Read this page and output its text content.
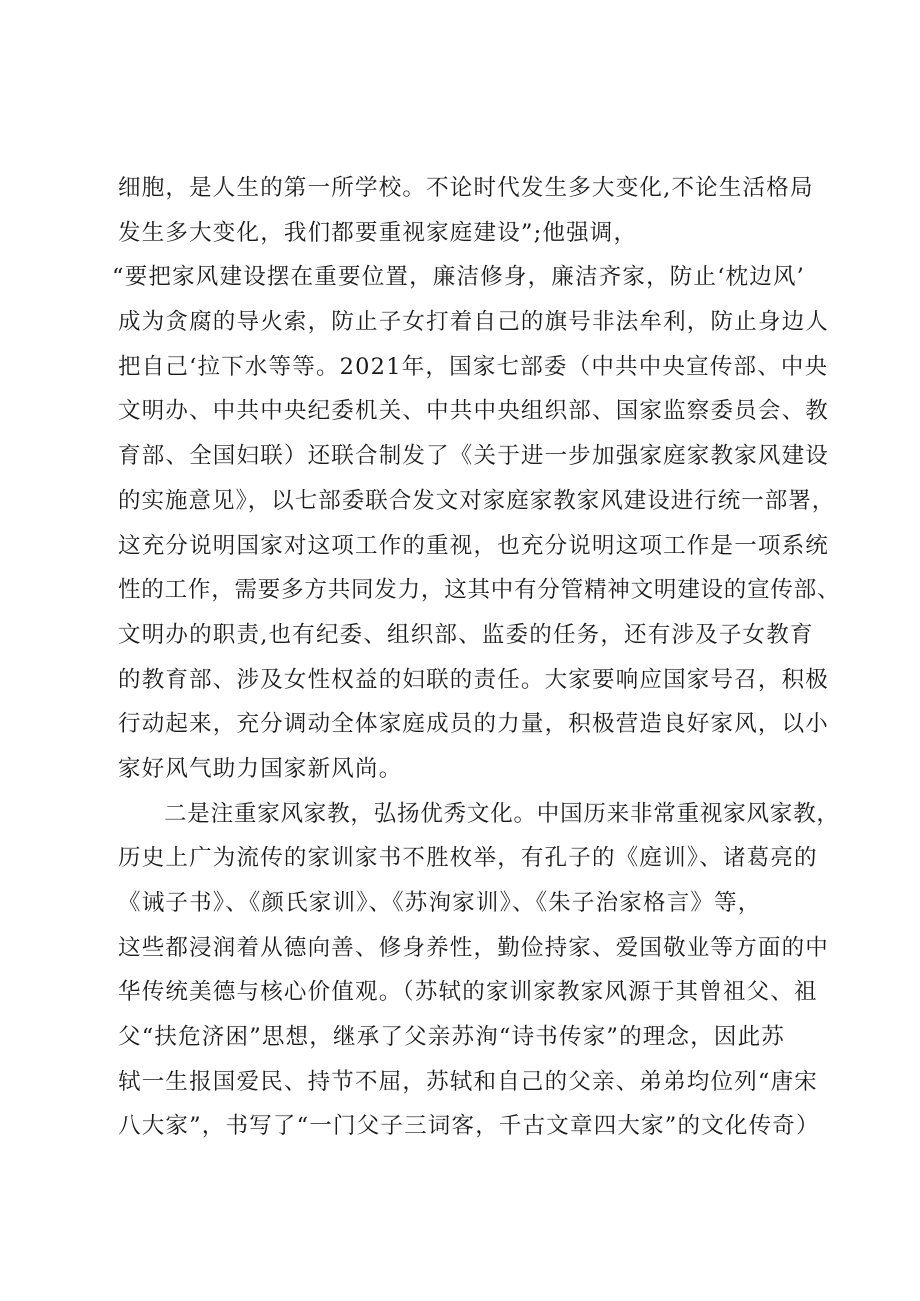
细胞，是人生的第一所学校。不论时代发生多大变化,不论生活格局
发生多大变化，我们都要重视家庭建设”;他强调，
“要把家风建设摆在重要位置，廉洁修身，廉洁齐家，防止‘枕边风’
成为贪腐的导火索，防止子女打着自己的旗号非法牟利，防止身边人
把自己‘拉下水等等。2021年，国家七部委（中共中央宣传部、中央
文明办、中共中央纪委机关、中共中央组织部、国家监察委员会、教
育部、全国妇联）还联合制发了《关于进一步加强家庭家教家风建设
的实施意见》，以七部委联合发文对家庭家教家风建设进行统一部署，
这充分说明国家对这项工作的重视，也充分说明这项工作是一项系统
性的工作，需要多方共同发力，这其中有分管精神文明建设的宣传部、
文明办的职责,也有纪委、组织部、监委的任务，还有涉及子女教育
的教育部、涉及女性权益的妇联的责任。大家要响应国家号召，积极
行动起来，充分调动全体家庭成员的力量，积极营造良好家风，以小
家好风气助力国家新风尚。
二是注重家风家教，弘扬优秀文化。中国历来非常重视家风家教，
历史上广为流传的家训家书不胜枚举，有孔子的《庭训》、诸葛亮的
《诫子书》、《颜氏家训》、《苏洵家训》、《朱子治家格言》等，
这些都浸润着从德向善、修身养性，勤俭持家、爱国敬业等方面的中
华传统美德与核心价值观。（苏轼的家训家教家风源于其曾祖父、祖
父“扶危济困”思想，继承了父亲苏洵“诗书传家”的理念，因此苏
轼一生报国爱民、持节不屈，苏轼和自己的父亲、弟弟均位列“唐宋
八大家”，书写了“一门父子三词客，千古文章四大家”的文化传奇）
